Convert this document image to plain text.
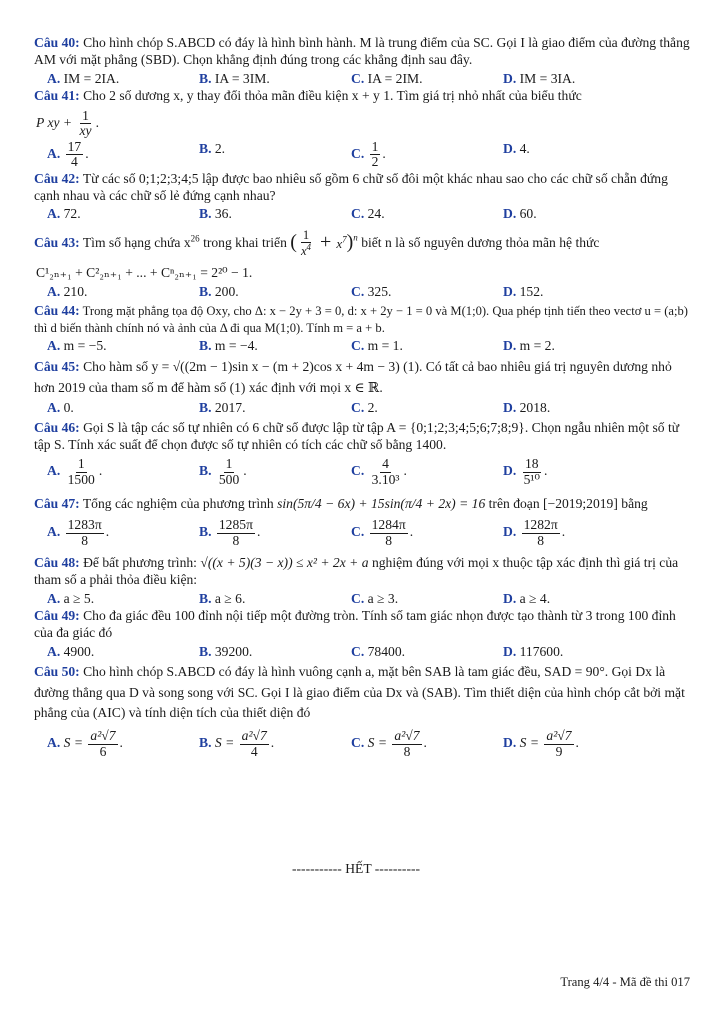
Câu 40: Cho hình chóp S.ABCD có đáy là hình bình hành. M là trung điểm của SC. Gọi I là giao điểm của đường thẳng AM với mặt phẳng (SBD). Chọn khẳng định đúng trong các khẳng định sau đây.
A. IM = 2IA.	B. IA = 3IM.	C. IA = 2IM.	D. IM = 3IA.
Câu 41: Cho 2 số dương x, y thay đổi thỏa mãn điều kiện x + y 1. Tìm giá trị nhỏ nhất của biểu thức
P xy + $\frac{1}{xy}$ .
A. $\frac{17}{4}$ .	B. 2.	C. $\frac{1}{2}$ .	D. 4.
Câu 42: Từ các số 0;1;2;3;4;5 lập được bao nhiêu số gồm 6 chữ số đôi một khác nhau sao cho các chữ số chẵn đứng cạnh nhau và các chữ số lẻ đứng cạnh nhau?
A. 72.	B. 36.	C. 24.	D. 60.
Câu 43: Tìm số hạng chứa $x^{26}$ trong khai triển ( $\frac{1}{x^4} + x^7)^n$ biết n là số nguyên dương thỏa mãn hệ thức
C¹₂ₙ₊₁ + C²₂ₙ₊₁ + ... + Cⁿ₂ₙ₊₁ = 2²⁰ − 1.
A. 210.	B. 200.	C. 325.	D. 152.
Câu 44: Trong mặt phẳng tọa độ Oxy, cho Δ: x − 2y + 3 = 0, d: x + 2y − 1 = 0 và M(1;0). Qua phép tịnh tiến theo vectơ u = (a;b) thì d biến thành chính nó và ảnh của Δ đi qua M(1;0). Tính m = a + b.
A. m = −5.	B. m = −4.	C. m = 1.	D. m = 2.
Câu 45: Cho hàm số y = √((2m − 1)sin x − (m + 2)cos x + 4m − 3) (1). Có tất cả bao nhiêu giá trị nguyên dương nhỏ hơn 2019 của tham số m để hàm số (1) xác định với mọi x ∈ ℝ.
A. 0.	B. 2017.	C. 2.	D. 2018.
Câu 46: Gọi S là tập các số tự nhiên có 6 chữ số được lập từ tập A = {0;1;2;3;4;5;6;7;8;9}. Chọn ngẫu nhiên một số từ tập S. Tính xác suất để chọn được số tự nhiên có tích các chữ số bằng 1400.
A. $\frac{1}{1500}$ .	B. $\frac{1}{500}$ .	C. $\frac{4}{\text{3.10³}}$ .	D. $\frac{18}{\text{5¹⁰}}$ .
Câu 47: Tổng các nghiệm của phương trình sin(5π/4 − 6x) + 15sin(π/4 + 2x) = 16 trên đoạn [−2019;2019] bằng
A. $\frac{1283\pi}{8}$ .	B. $\frac{1285\pi}{8}$ .	C. $\frac{1284\pi}{8}$ .	D. $\frac{1282\pi}{8}$ .
Câu 48: Để bất phương trình: √((x + 5)(3 − x)) ≤ x² + 2x + a nghiệm đúng với mọi x thuộc tập xác định thì giá trị của tham số a phải thỏa điều kiện:
A. a ≥ 5.	B. a ≥ 6.	C. a ≥ 3.	D. a ≥ 4.
Câu 49: Cho đa giác đều 100 đỉnh nội tiếp một đường tròn. Tính số tam giác nhọn được tạo thành từ 3 trong 100 đỉnh của đa giác đó
A. 4900.	B. 39200.	C. 78400.	D. 117600.
Câu 50: Cho hình chóp S.ABCD có đáy là hình vuông cạnh a, mặt bên SAB là tam giác đều, SAD = 90°. Gọi Dx là đường thẳng qua D và song song với SC. Gọi I là giao điểm của Dx và (SAB). Tìm thiết diện của hình chóp cắt bởi mặt phẳng của (AIC) và tính diện tích của thiết diện đó
A. $S = \frac{\text{a²√7}}{6}$ .	B. $S = \frac{\text{a²√7}}{4}$ .	C. $S = \frac{\text{a²√7}}{8}$ .	D. $S = \frac{\text{a²√7}}{9}$ .
----------- HẾT ----------
Trang 4/4 - Mã đề thi 017
